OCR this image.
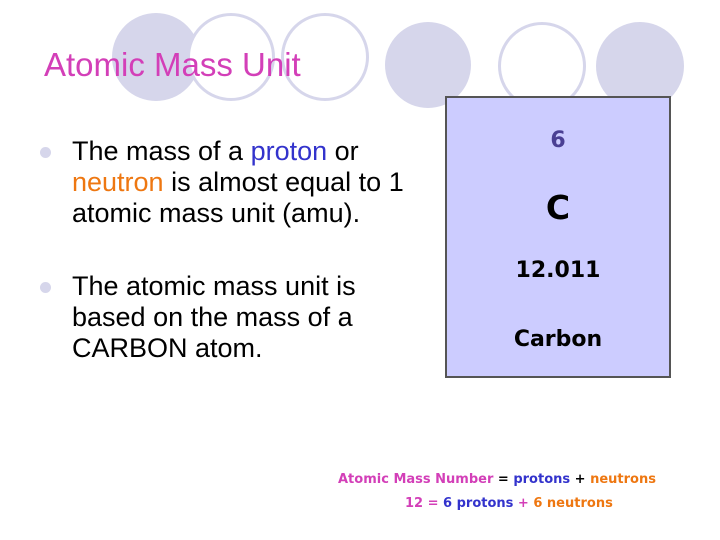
Atomic Mass Unit
The mass of a proton or neutron is almost equal to 1 atomic mass unit (amu).
The atomic mass unit is based on the mass of a CARBON atom.
6
C
12.011
Carbon
Atomic Mass Number = protons + neutrons
12 = 6 protons + 6 neutrons
